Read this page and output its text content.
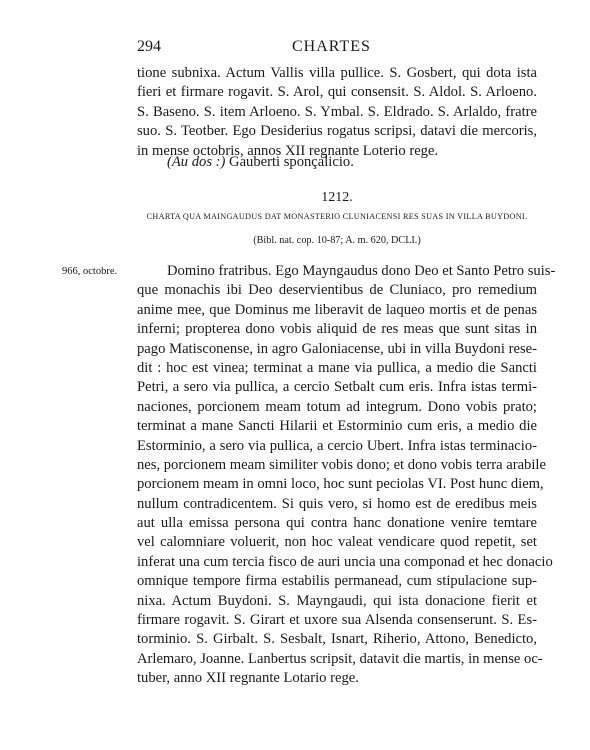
294	CHARTES
tione subnixa. Actum Vallis villa pullice. S. Gosbert, qui dota ista
fieri et firmare rogavit. S. Arol, qui consensit. S. Aldol. S. Arloeno.
S. Baseno. S. item Arloeno. S. Ymbal. S. Eldrado. S. Arlaldo, fratre
suo. S. Teotber. Ego Desiderius rogatus scripsi, datavi die mercoris,
in mense octobris, annos XII regnante Loterio rege.
(Au dos :) Gauberti sponçalicio.
1212.
CHARTA QUA MAINGAUDUS DAT MONASTERIO CLUNIACENSI RES SUAS IN VILLA BUYDONI.
(Bibl. nat. cop. 10-87; A. m. 620, DCLI.)
966, octobre.	Domino fratribus. Ego Mayngaudus dono Deo et Santo Petro suis-
que monachis ibi Deo deservientibus de Cluniaco, pro remedium
anime mee, que Dominus me liberavit de laqueo mortis et de penas
inferni; propterea dono vobis aliquid de res meas que sunt sitas in
pago Matisconense, in agro Galoniacense, ubi in villa Buydoni rese-
dit : hoc est vinea; terminat a mane via pullica, a medio die Sancti
Petri, a sero via pullica, a cercio Setbalt cum eris. Infra istas termi-
naciones, porcionem meam totum ad integrum. Dono vobis prato;
terminat a mane Sancti Hilarii et Estorminio cum eris, a medio die
Estorminio, a sero via pullica, a cercio Ubert. Infra istas terminacio-
nes, porcionem meam similiter vobis dono; et dono vobis terra arabile
porcionem meam in omni loco, hoc sunt peciolas VI. Post hunc diem,
nullum contradicentem. Si quis vero, si homo est de eredibus meis
aut ulla emissa persona qui contra hanc donatione venire temtare
vel calomniare voluerit, non hoc valeat vendicare quod repetit, set
inferat una cum tercia fisco de auri uncia una componad et hec donacio
omnique tempore firma estabilis permanead, cum stipulacione sup-
nixa. Actum Buydoni. S. Mayngaudi, qui ista donacione fierit et
firmare rogavit. S. Girart et uxore sua Alsenda consenserunt. S. Es-
torminio. S. Girbalt. S. Sesbalt, Isnart, Riherio, Attono, Benedicto,
Arlemaro, Joanne. Lanbertus scripsit, datavit die martis, in mense oc-
tuber, anno XII regnante Lotario rege.
